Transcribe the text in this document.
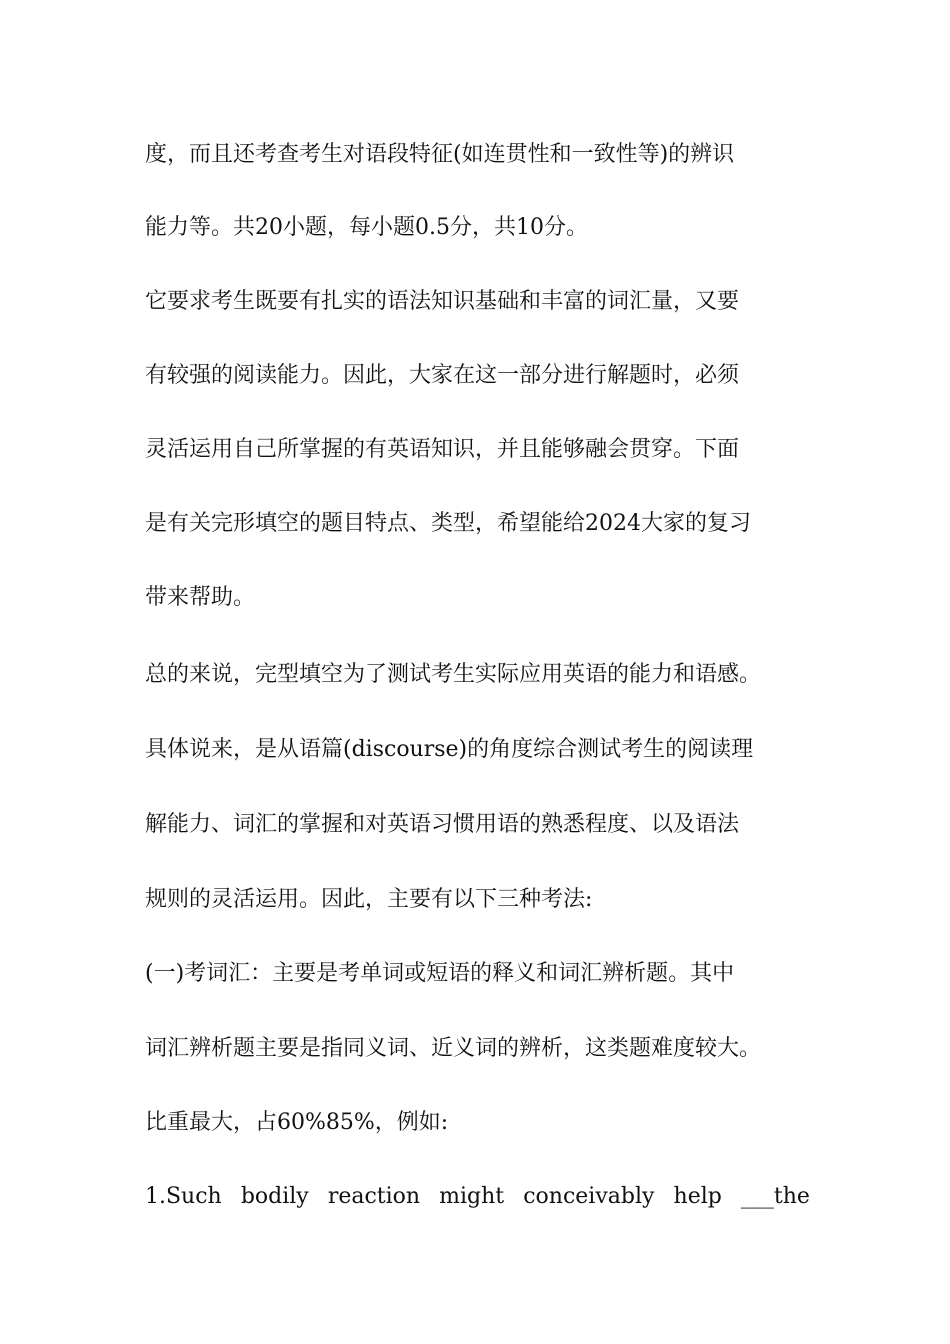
度，而且还考查考生对语段特征(如连贯性和一致性等)的辨识
能力等。共20小题，每小题0.5分，共10分。
它要求考生既要有扎实的语法知识基础和丰富的词汇量，又要
有较强的阅读能力。因此，大家在这一部分进行解题时，必须
灵活运用自己所掌握的有英语知识，并且能够融会贯穿。下面
是有关完形填空的题目特点、类型，希望能给2024大家的复习
带来帮助。
总的来说，完型填空为了测试考生实际应用英语的能力和语感。
具体说来，是从语篇(discourse)的角度综合测试考生的阅读理
解能力、词汇的掌握和对英语习惯用语的熟悉程度、以及语法
规则的灵活运用。因此，主要有以下三种考法:
(一)考词汇：主要是考单词或短语的释义和词汇辨析题。其中
词汇辨析题主要是指同义词、近义词的辨析，这类题难度较大。
比重最大，占60%85%，例如:
1.Such bodily reaction might conceivably help ___the
